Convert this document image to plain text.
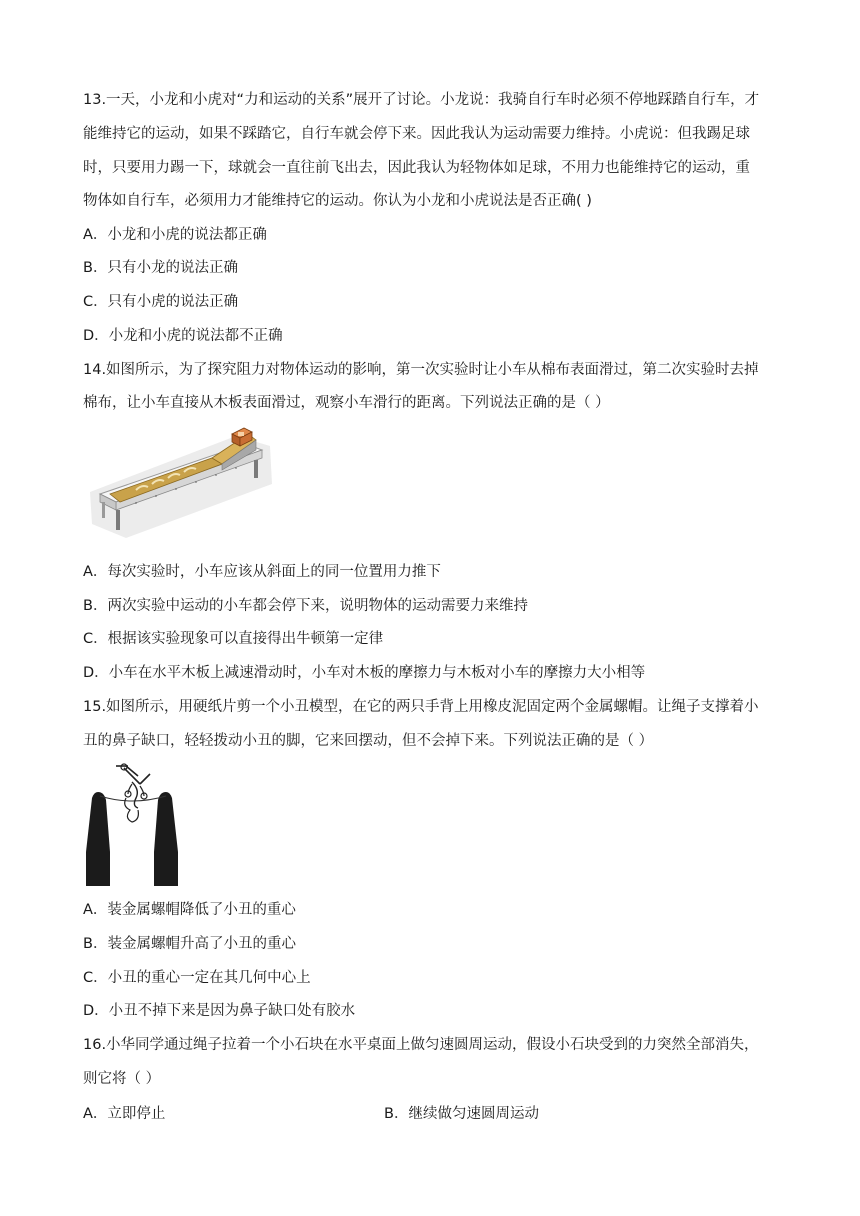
13.一天，小龙和小虎对“力和运动的关系”展开了讨论。小龙说：我骑自行车时必须不停地踩踏自行车，才
能维持它的运动，如果不踩踏它，自行车就会停下来。因此我认为运动需要力维持。小虎说：但我踢足球
时，只要用力踢一下，球就会一直往前飞出去，因此我认为轻物体如足球，不用力也能维持它的运动，重
物体如自行车，必须用力才能维持它的运动。你认为小龙和小虎说法是否正确( )
A．小龙和小虎的说法都正确
B．只有小龙的说法正确
C．只有小虎的说法正确
D．小龙和小虎的说法都不正确
14.如图所示，为了探究阻力对物体运动的影响，第一次实验时让小车从棉布表面滑过，第二次实验时去掉
棉布，让小车直接从木板表面滑过，观察小车滑行的距离。下列说法正确的是（ ）
A．每次实验时，小车应该从斜面上的同一位置用力推下
B．两次实验中运动的小车都会停下来，说明物体的运动需要力来维持
C．根据该实验现象可以直接得出牛顿第一定律
D．小车在水平木板上减速滑动时，小车对木板的摩擦力与木板对小车的摩擦力大小相等
15.如图所示，用硬纸片剪一个小丑模型，在它的两只手背上用橡皮泥固定两个金属螺帽。让绳子支撑着小
丑的鼻子缺口，轻轻拨动小丑的脚，它来回摆动，但不会掉下来。下列说法正确的是（ ）
A．装金属螺帽降低了小丑的重心
B．装金属螺帽升高了小丑的重心
C．小丑的重心一定在其几何中心上
D．小丑不掉下来是因为鼻子缺口处有胶水
16.小华同学通过绳子拉着一个小石块在水平桌面上做匀速圆周运动，假设小石块受到的力突然全部消失，
则它将（ ）
A．立即停止	B．继续做匀速圆周运动
